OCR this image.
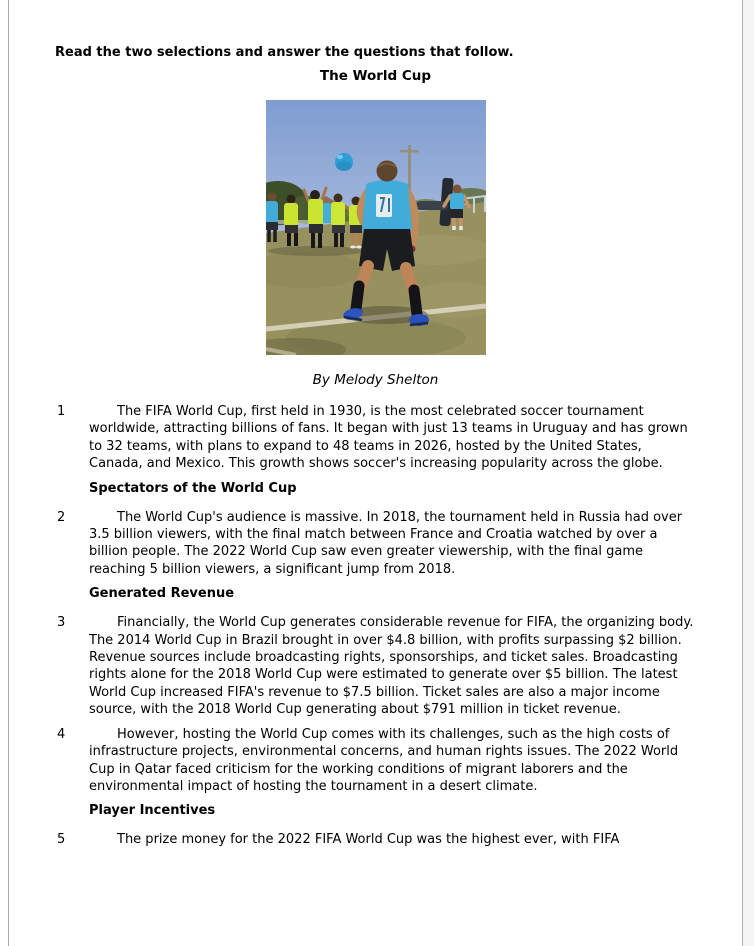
Read the two selections and answer the questions that follow.

The World Cup

By Melody Shelton

1	The FIFA World Cup, first held in 1930, is the most celebrated soccer tournament worldwide, attracting billions of fans. It began with just 13 teams in Uruguay and has grown to 32 teams, with plans to expand to 48 teams in 2026, hosted by the United States, Canada, and Mexico. This growth shows soccer's increasing popularity across the globe.

Spectators of the World Cup
2	The World Cup's audience is massive. In 2018, the tournament held in Russia had over 3.5 billion viewers, with the final match between France and Croatia watched by over a billion people. The 2022 World Cup saw even greater viewership, with the final game reaching 5 billion viewers, a significant jump from 2018.

Generated Revenue
3	Financially, the World Cup generates considerable revenue for FIFA, the organizing body. The 2014 World Cup in Brazil brought in over $4.8 billion, with profits surpassing $2 billion. Revenue sources include broadcasting rights, sponsorships, and ticket sales. Broadcasting rights alone for the 2018 World Cup were estimated to generate over $5 billion. The latest World Cup increased FIFA's revenue to $7.5 billion. Ticket sales are also a major income source, with the 2018 World Cup generating about $791 million in ticket revenue.

4	However, hosting the World Cup comes with its challenges, such as the high costs of infrastructure projects, environmental concerns, and human rights issues. The 2022 World Cup in Qatar faced criticism for the working conditions of migrant laborers and the environmental impact of hosting the tournament in a desert climate.

Player Incentives
5	The prize money for the 2022 FIFA World Cup was the highest ever, with FIFA
